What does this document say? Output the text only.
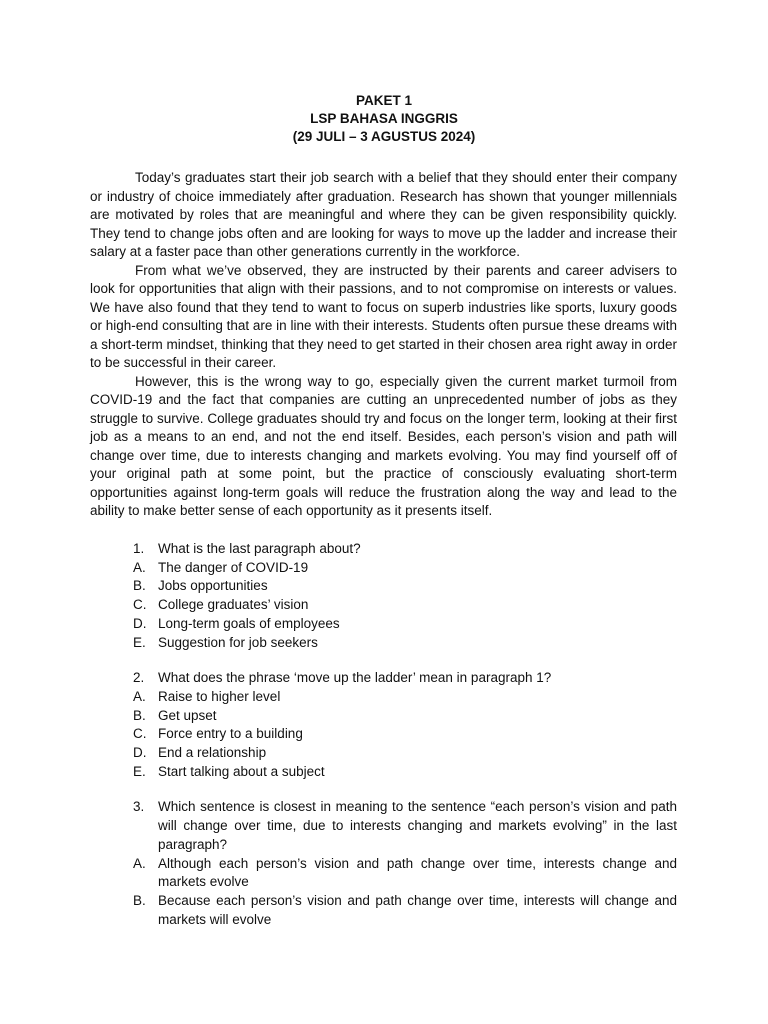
PAKET 1
LSP BAHASA INGGRIS
(29 JULI – 3 AGUSTUS 2024)

Today’s graduates start their job search with a belief that they should enter their company or industry of choice immediately after graduation. Research has shown that younger millennials are motivated by roles that are meaningful and where they can be given responsibility quickly. They tend to change jobs often and are looking for ways to move up the ladder and increase their salary at a faster pace than other generations currently in the workforce.

From what we’ve observed, they are instructed by their parents and career advisers to look for opportunities that align with their passions, and to not compromise on interests or values. We have also found that they tend to want to focus on superb industries like sports, luxury goods or high-end consulting that are in line with their interests. Students often pursue these dreams with a short-term mindset, thinking that they need to get started in their chosen area right away in order to be successful in their career.

However, this is the wrong way to go, especially given the current market turmoil from COVID-19 and the fact that companies are cutting an unprecedented number of jobs as they struggle to survive. College graduates should try and focus on the longer term, looking at their first job as a means to an end, and not the end itself. Besides, each person’s vision and path will change over time, due to interests changing and markets evolving. You may find yourself off of your original path at some point, but the practice of consciously evaluating short-term opportunities against long-term goals will reduce the frustration along the way and lead to the ability to make better sense of each opportunity as it presents itself.

1. What is the last paragraph about?
A. The danger of COVID-19
B. Jobs opportunities
C. College graduates’ vision
D. Long-term goals of employees
E. Suggestion for job seekers
2. What does the phrase ‘move up the ladder’ mean in paragraph 1?
A. Raise to higher level
B. Get upset
C. Force entry to a building
D. End a relationship
E. Start talking about a subject
3. Which sentence is closest in meaning to the sentence “each person’s vision and path will change over time, due to interests changing and markets evolving” in the last paragraph?
A. Although each person’s vision and path change over time, interests change and markets evolve
B. Because each person’s vision and path change over time, interests will change and markets will evolve
